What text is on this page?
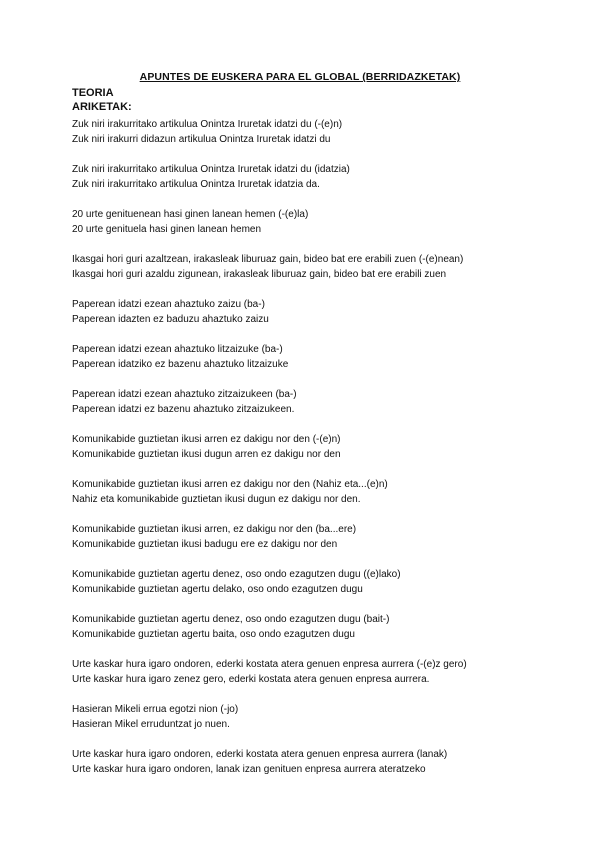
APUNTES DE EUSKERA PARA EL GLOBAL (BERRIDAZKETAK)
TEORIA
ARIKETAK:
Zuk niri irakurritako artikulua Onintza Iruretak idatzi du (-(e)n)
Zuk niri irakurri didazun artikulua Onintza Iruretak idatzi du
Zuk niri irakurritako artikulua Onintza Iruretak idatzi du (idatzia)
Zuk niri irakurritako artikulua Onintza Iruretak idatzia da.
20 urte genituenean hasi ginen lanean hemen (-(e)la)
20 urte genituela hasi ginen lanean hemen
Ikasgai hori guri azaltzean, irakasleak liburuaz gain, bideo bat ere erabili zuen (-(e)nean)
Ikasgai hori guri azaldu zigunean, irakasleak liburuaz gain, bideo bat ere erabili zuen
Paperean idatzi ezean ahaztuko zaizu (ba-)
Paperean idazten ez baduzu ahaztuko zaizu
Paperean idatzi ezean ahaztuko litzaizuke (ba-)
Paperean idatziko ez bazenu ahaztuko litzaizuke
Paperean idatzi ezean ahaztuko zitzaizukeen (ba-)
Paperean idatzi ez bazenu ahaztuko zitzaizukeen.
Komunikabide guztietan ikusi arren ez dakigu nor den (-(e)n)
Komunikabide guztietan ikusi dugun arren ez dakigu nor den
Komunikabide guztietan ikusi arren ez dakigu nor den (Nahiz eta...(e)n)
Nahiz eta komunikabide guztietan ikusi dugun ez dakigu nor den.
Komunikabide guztietan ikusi arren, ez dakigu nor den (ba...ere)
Komunikabide guztietan ikusi badugu ere ez dakigu nor den
Komunikabide guztietan agertu denez, oso ondo ezagutzen dugu ((e)lako)
Komunikabide guztietan agertu delako, oso ondo ezagutzen dugu
Komunikabide guztietan agertu denez, oso ondo ezagutzen dugu (bait-)
Komunikabide guztietan agertu baita, oso ondo ezagutzen dugu
Urte kaskar hura igaro ondoren, ederki kostata atera genuen enpresa aurrera (-(e)z gero)
Urte kaskar hura igaro zenez gero, ederki kostata atera genuen enpresa aurrera.
Hasieran Mikeli errua egotzi nion (-jo)
Hasieran Mikel erruduntzat jo nuen.
Urte kaskar hura igaro ondoren, ederki kostata atera genuen enpresa aurrera (lanak)
Urte kaskar hura igaro ondoren, lanak izan genituen enpresa aurrera ateratzeko
